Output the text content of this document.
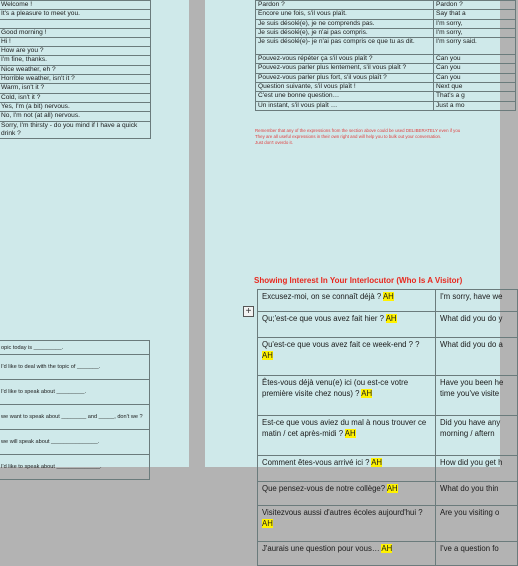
Welcome !
It's a pleasure to meet you.

Good morning !
Hi !
How are you ?
I'm fine, thanks.
Nice weather, eh ?
Horrible weather, isn't it ?
Warm, isn't it ?
Cold, isn't it ?
Yes, I'm (a bit) nervous.
No, I'm not (at all) nervous.
Sorry, I'm thirsty - do you mind if I have a quick drink ?
opic today is _________.
I'd like to deal with the topic of _______.
I'd like to speak about _________.
we want to speak about ________ and _____, don't we ?
we will speak about _______________.
I'd like to speak about ______________.
Pardon ?	Pardon ?
Encore une fois, s'il vous plaît.	Say that a
Je suis désolé(e), je ne comprends pas.	I'm sorry,
Je suis désolé(e), je n'ai pas compris.	I'm sorry,
Je suis désolé(e)- je n'ai pas compris ce que tu as dit.	I'm sorry said.
Pouvez-vous répéter ça s'il vous plaît ?	Can you
Pouvez-vous parler plus lentement, s'il vous plaît ?	Can you
Pouvez-vous parler plus fort, s'il vous plaît ?	Can you
Question suivante, s'il vous plaît !	Next que
C'est une bonne question…	That's a g
Un instant, s'il vous plaît …	Just a mo
Remember that any of the expressions from the section above could be used DELIBERATELY even if you
They are all useful expressions in their own right and will help you to bulk out your conversation.
Just don't overdo it.
Showing Interest In Your Interlocutor (Who Is A Visitor)
+
Excusez-moi, on se connaît déjà ? AH	I'm sorry, have we
Qu;'est-ce que vous avez fait hier ? AH	What did you do y
Qu'est-ce que vous avez fait ce week-end ? ? AH	What did you do a
Êtes-vous déjà venu(e) ici (ou est-ce votre première visite chez nous) ? AH	Have you been he time you've visite
Est-ce que vous aviez du mal à nous trouver ce matin / cet après-midi ? AH	Did you have any morning / aftern
Comment êtes-vous arrivé ici ? AH	How did you get h
Que pensez-vous de notre collège? AH	What do you thin
Visitezvous aussi d'autres écoles aujourd'hui ? AH	Are you visiting o
J'aurais une question pour vous… AH	I've a question fo
